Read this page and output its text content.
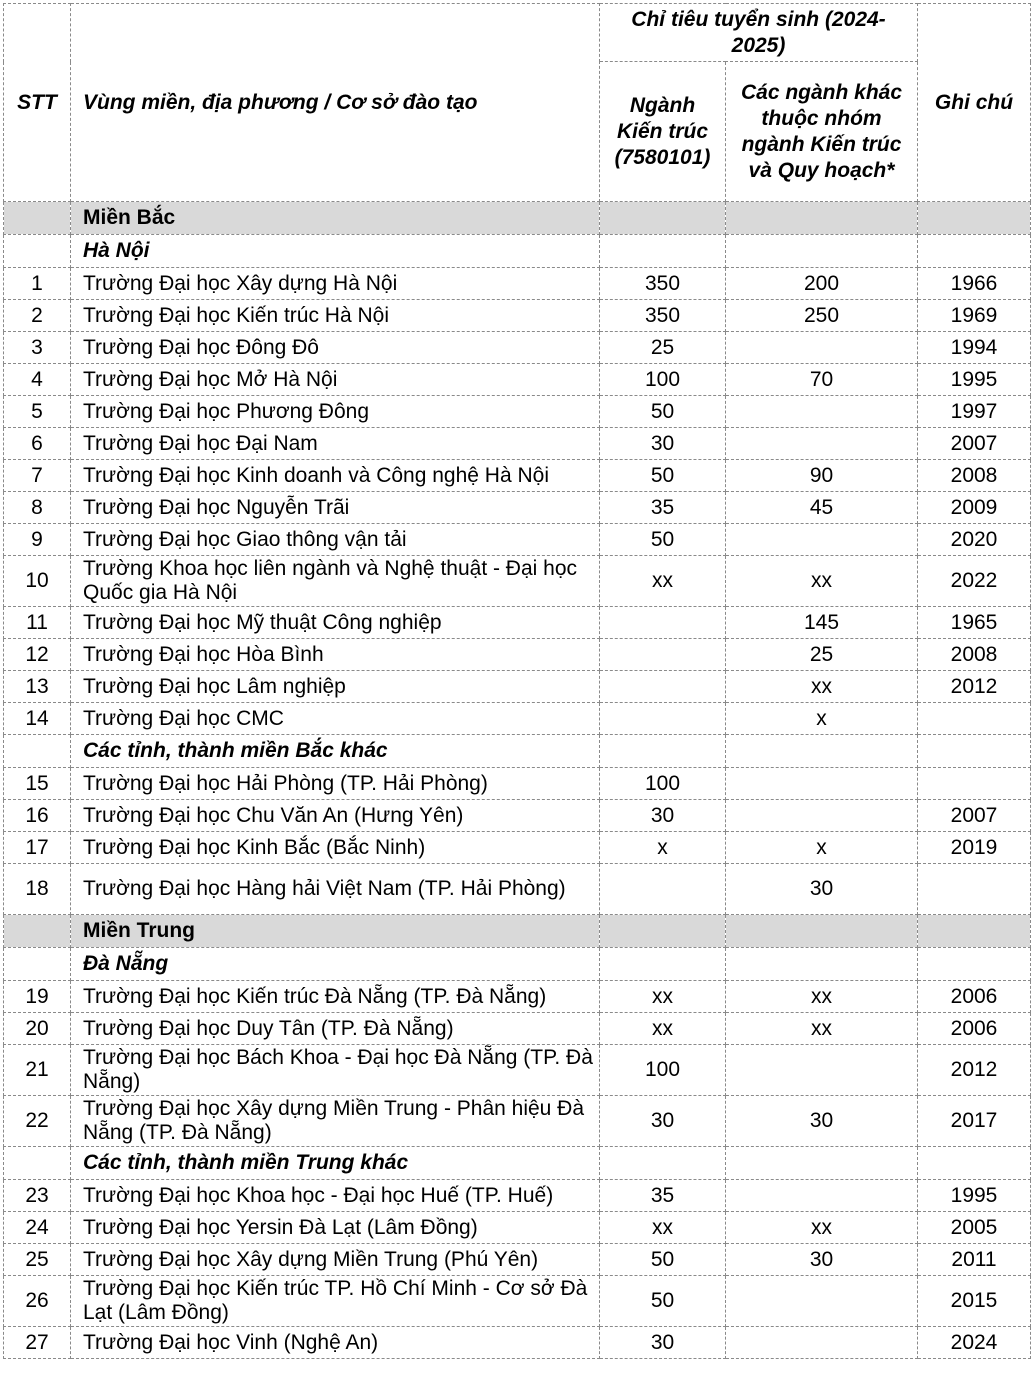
STT	Vùng miền, địa phương / Cơ sở đào tạo	Chỉ tiêu tuyển sinh (2024-2025)		Ghi chú
		Ngành Kiến trúc (7580101)	Các ngành khác thuộc nhóm ngành Kiến trúc và Quy hoạch*	
	Miền Bắc			
	Hà Nội			
1	Trường Đại học Xây dựng Hà Nội	350	200	1966
2	Trường Đại học Kiến trúc Hà Nội	350	250	1969
3	Trường Đại học Đông Đô	25		1994
4	Trường Đại học Mở Hà Nội	100	70	1995
5	Trường Đại học Phương Đông	50		1997
6	Trường Đại học Đại Nam	30		2007
7	Trường Đại học Kinh doanh và Công nghệ Hà Nội	50	90	2008
8	Trường Đại học Nguyễn Trãi	35	45	2009
9	Trường Đại học Giao thông vận tải	50		2020
10	Trường Khoa học liên ngành và Nghệ thuật - Đại học Quốc gia Hà Nội	xx	xx	2022
11	Trường Đại học Mỹ thuật Công nghiệp		145	1965
12	Trường Đại học Hòa Bình		25	2008
13	Trường Đại học Lâm nghiệp		xx	2012
14	Trường Đại học CMC		x	
	Các tỉnh, thành miền Bắc khác			
15	Trường Đại học Hải Phòng (TP. Hải Phòng)	100		
16	Trường Đại học Chu Văn An (Hưng Yên)	30		2007
17	Trường Đại học Kinh Bắc (Bắc Ninh)	x	x	2019
18	Trường Đại học Hàng hải Việt Nam (TP. Hải Phòng)		30	
	Miền Trung			
	Đà Nẵng			
19	Trường Đại học Kiến trúc Đà Nẵng (TP. Đà Nẵng)	xx	xx	2006
20	Trường Đại học Duy Tân (TP. Đà Nẵng)	xx	xx	2006
21	Trường Đại học Bách Khoa - Đại học Đà Nẵng (TP. Đà Nẵng)	100		2012
22	Trường Đại học Xây dựng Miền Trung - Phân hiệu Đà Nẵng (TP. Đà Nẵng)	30	30	2017
	Các tỉnh, thành miền Trung khác			
23	Trường Đại học Khoa học - Đại học Huế (TP. Huế)	35		1995
24	Trường Đại học Yersin Đà Lạt (Lâm Đồng)	xx	xx	2005
25	Trường Đại học Xây dựng Miền Trung (Phú Yên)	50	30	2011
26	Trường Đại học Kiến trúc TP. Hồ Chí Minh - Cơ sở Đà Lạt (Lâm Đồng)	50		2015
27	Trường Đại học Vinh (Nghệ An)	30		2024
